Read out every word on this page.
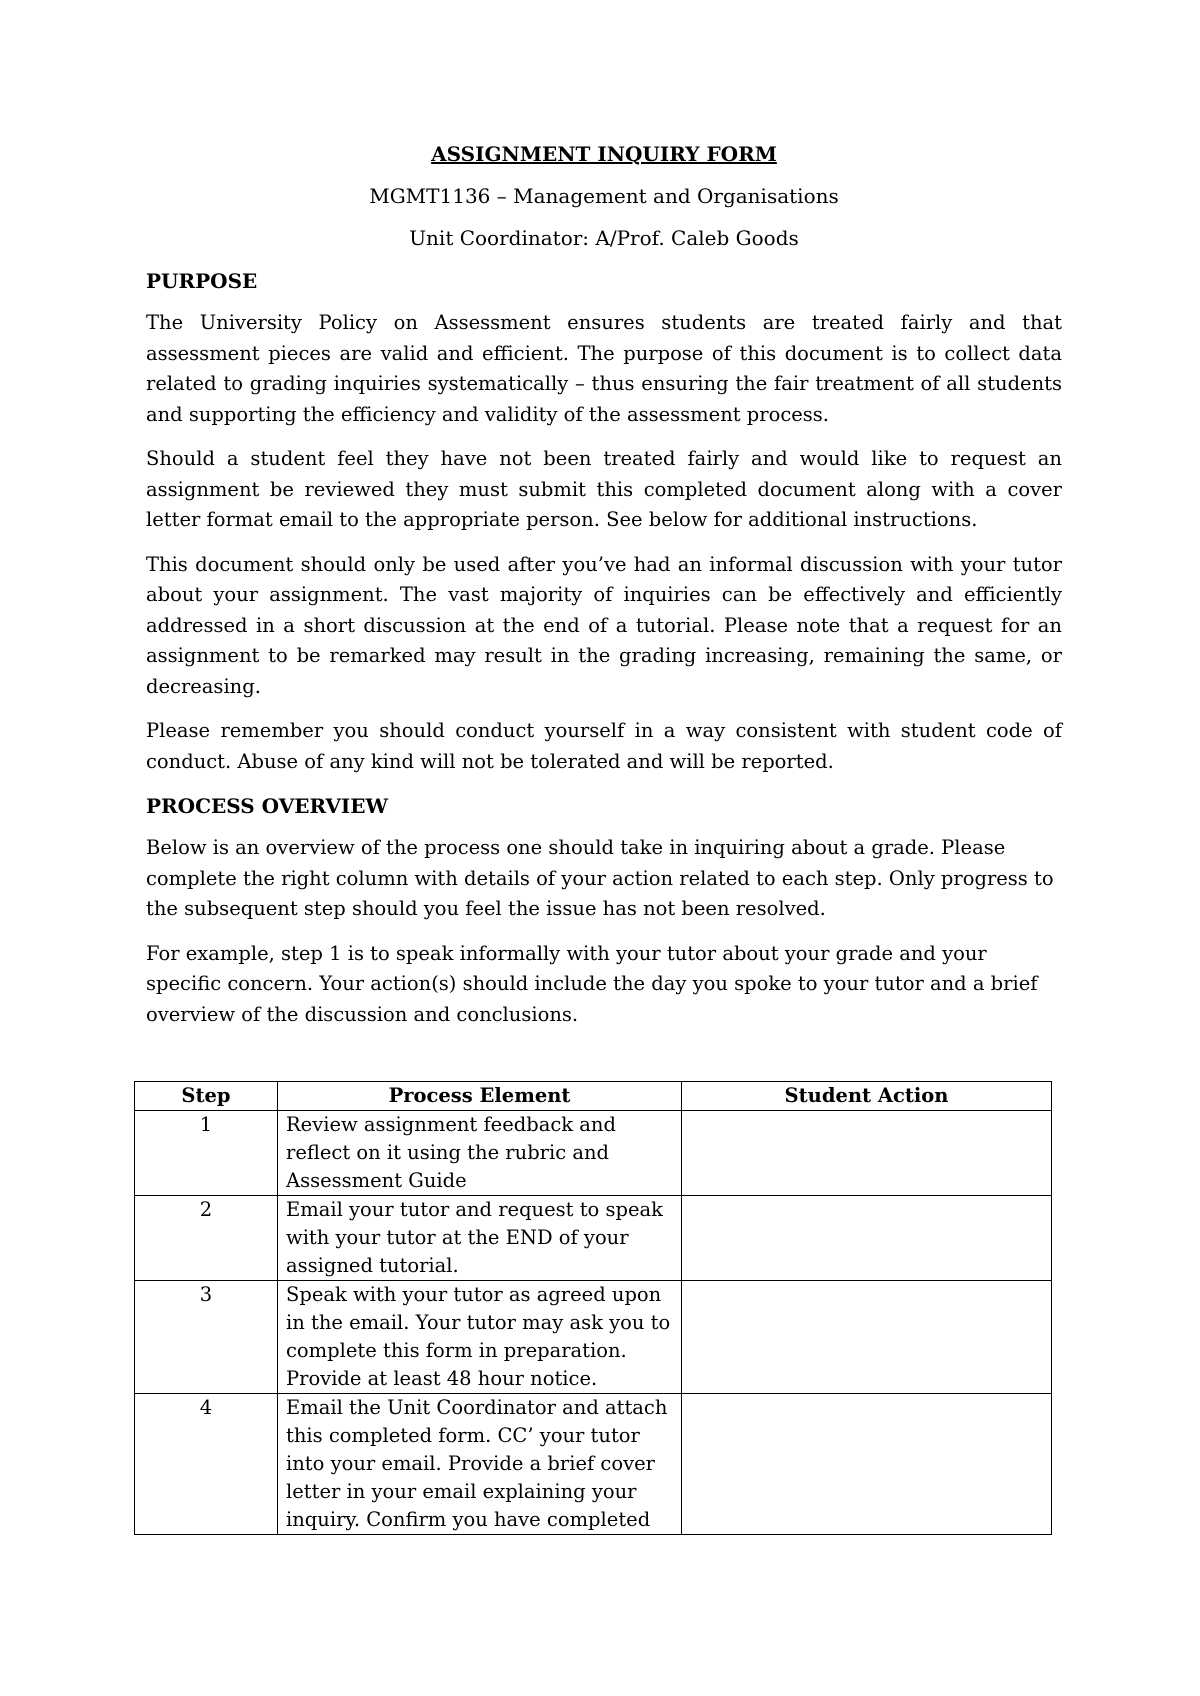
ASSIGNMENT INQUIRY FORM
MGMT1136 – Management and Organisations
Unit Coordinator: A/Prof. Caleb Goods
PURPOSE

The University Policy on Assessment ensures students are treated fairly and that assessment pieces are valid and efficient. The purpose of this document is to collect data related to grading inquiries systematically – thus ensuring the fair treatment of all students and supporting the efficiency and validity of the assessment process.

Should a student feel they have not been treated fairly and would like to request an assignment be reviewed they must submit this completed document along with a cover letter format email to the appropriate person. See below for additional instructions.

This document should only be used after you’ve had an informal discussion with your tutor about your assignment. The vast majority of inquiries can be effectively and efficiently addressed in a short discussion at the end of a tutorial. Please note that a request for an assignment to be remarked may result in the grading increasing, remaining the same, or decreasing.

Please remember you should conduct yourself in a way consistent with student code of conduct. Abuse of any kind will not be tolerated and will be reported.

PROCESS OVERVIEW

Below is an overview of the process one should take in inquiring about a grade. Please complete the right column with details of your action related to each step. Only progress to the subsequent step should you feel the issue has not been resolved.

For example, step 1 is to speak informally with your tutor about your grade and your specific concern. Your action(s) should include the day you spoke to your tutor and a brief overview of the discussion and conclusions.

Step	Process Element	Student Action
1	Review assignment feedback and reflect on it using the rubric and Assessment Guide	
2	Email your tutor and request to speak with your tutor at the END of your assigned tutorial.	
3	Speak with your tutor as agreed upon in the email. Your tutor may ask you to complete this form in preparation. Provide at least 48 hour notice.	
4	Email the Unit Coordinator and attach this completed form. CC’ your tutor into your email. Provide a brief cover letter in your email explaining your inquiry. Confirm you have completed	
